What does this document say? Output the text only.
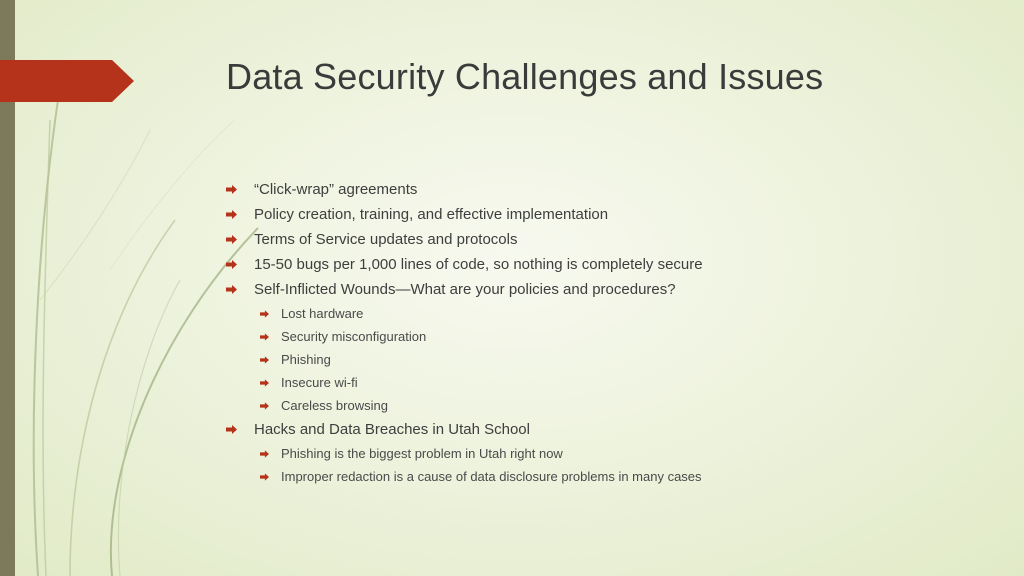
Data Security Challenges and Issues
“Click-wrap” agreements
Policy creation, training, and effective implementation
Terms of Service updates and protocols
15-50 bugs per 1,000 lines of code, so nothing is completely secure
Self-Inflicted Wounds—What are your policies and procedures?
Lost hardware
Security misconfiguration
Phishing
Insecure wi-fi
Careless browsing
Hacks and Data Breaches in Utah School
Phishing is the biggest problem in Utah right now
Improper redaction is a cause of data disclosure problems in many cases
